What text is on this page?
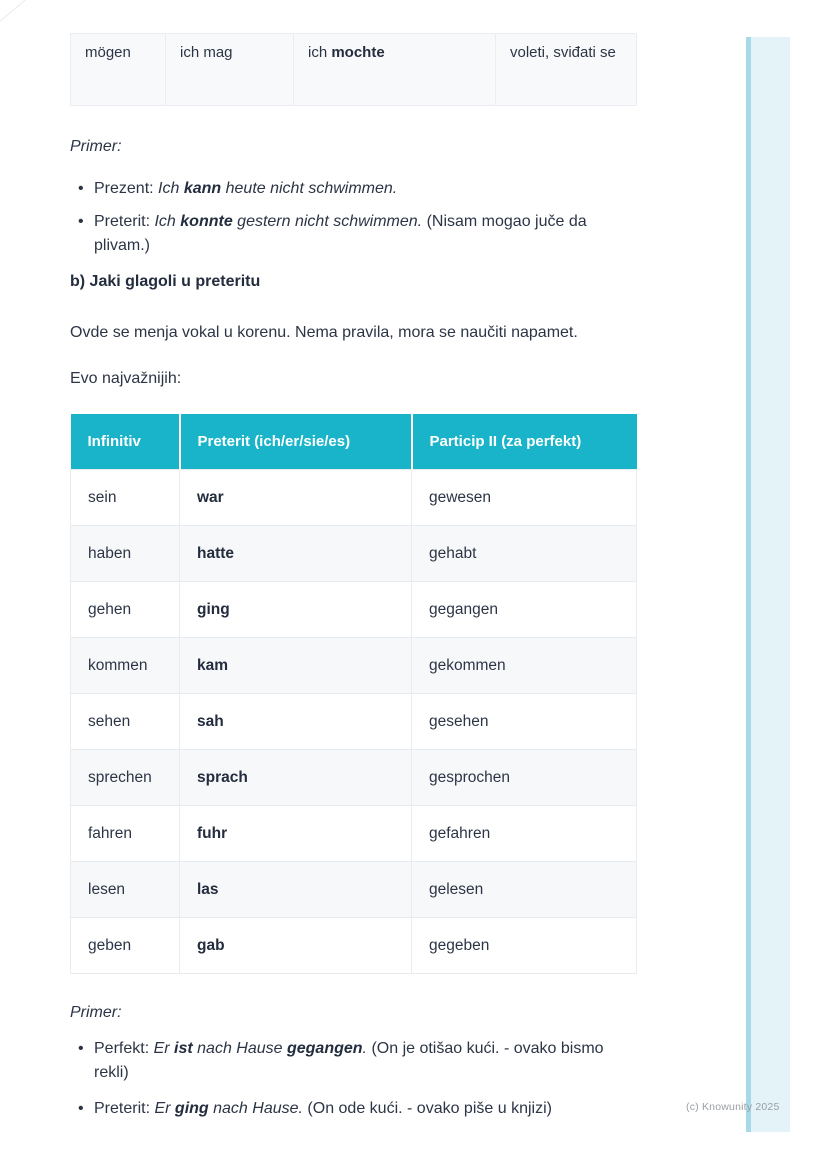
mögen	ich mag	ich mochte	voleti, sviđati se

Primer:

• Prezent: Ich kann heute nicht schwimmen.
• Preterit: Ich konnte gestern nicht schwimmen. (Nisam mogao juče da plivam.)
b) Jaki glagoli u preteritu

Ovde se menja vokal u korenu. Nema pravila, mora se naučiti napamet.

Evo najvažnijih:

Infinitiv	Preterit (ich/er/sie/es)	Particip II (za perfekt)
sein	war	gewesen
haben	hatte	gehabt
gehen	ging	gegangen
kommen	kam	gekommen
sehen	sah	gesehen
sprechen	sprach	gesprochen
fahren	fuhr	gefahren
lesen	las	gelesen
geben	gab	gegeben

Primer:

• Perfekt: Er ist nach Hause gegangen. (On je otišao kući. - ovako bismo rekli)
• Preterit: Er ging nach Hause. (On ode kući. - ovako piše u knjizi)	(c) Knowunity 2025
